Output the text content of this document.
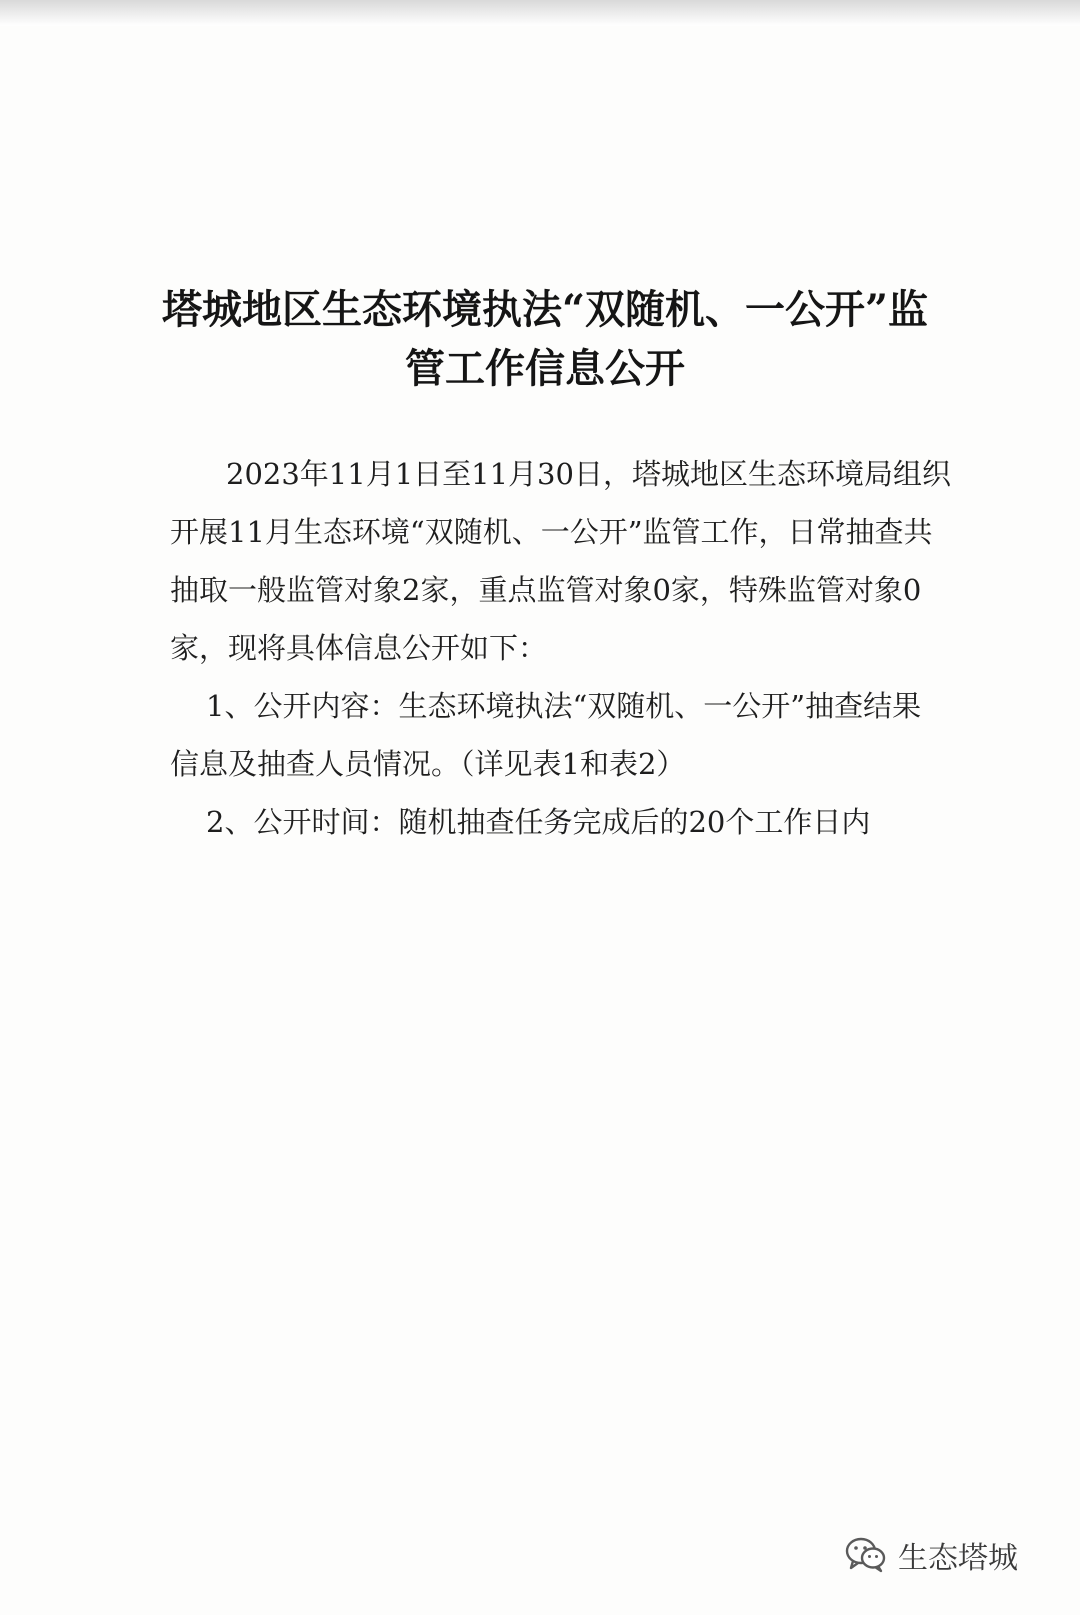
塔城地区生态环境执法“双随机、一公开”监
管工作信息公开
2023年11月1日至11月30日，塔城地区生态环境局组织
开展11月生态环境“双随机、一公开”监管工作，日常抽查共
抽取一般监管对象2家，重点监管对象0家，特殊监管对象0
家，现将具体信息公开如下：
1、公开内容：生态环境执法“双随机、一公开”抽查结果
信息及抽查人员情况。（详见表1和表2）
2、公开时间：随机抽查任务完成后的20个工作日内
生态塔城
